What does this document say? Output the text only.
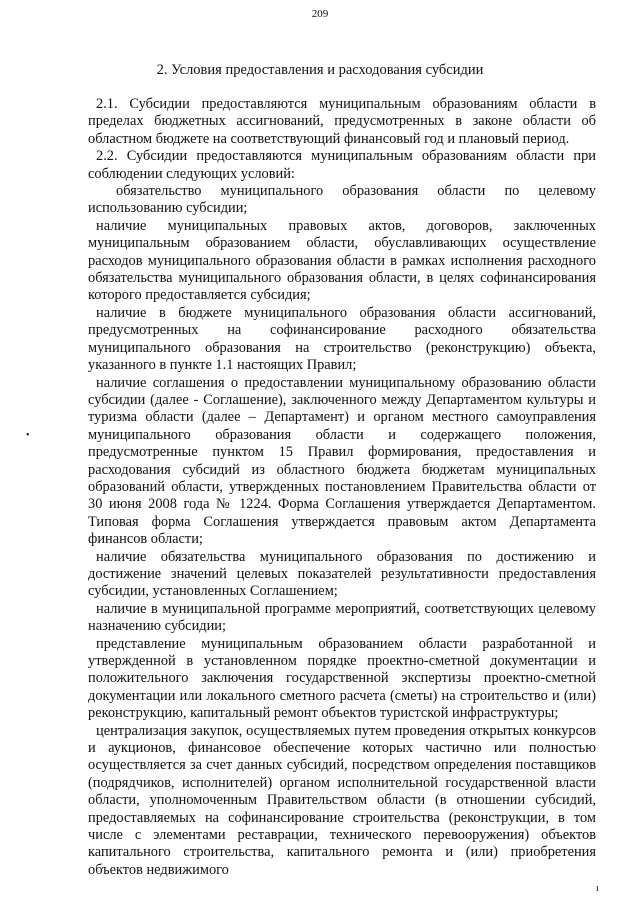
209
2. Условия предоставления и расходования субсидии

2.1. Субсидии предоставляются муниципальным образованиям области в пределах бюджетных ассигнований, предусмотренных в законе области об областном бюджете на соответствующий финансовый год и плановый период.

2.2. Субсидии предоставляются муниципальным образованиям области при соблюдении следующих условий:

обязательство муниципального образования области по целевому использованию субсидии;

наличие муниципальных правовых актов, договоров, заключенных муниципальным образованием области, обуславливающих осуществление расходов муниципального образования области в рамках исполнения расходного обязательства муниципального образования области, в целях софинансирования которого предоставляется субсидия;

наличие в бюджете муниципального образования области ассигнований, предусмотренных на софинансирование расходного обязательства муниципального образования на строительство (реконструкцию) объекта, указанного в пункте 1.1 настоящих Правил;

наличие соглашения о предоставлении муниципальному образованию области субсидии (далее - Соглашение), заключенного между Департаментом культуры и туризма области (далее – Департамент) и органом местного самоуправления муниципального образования области и содержащего положения, предусмотренные пунктом 15 Правил формирования, предоставления и расходования субсидий из областного бюджета бюджетам муниципальных образований области, утвержденных постановлением Правительства области от 30 июня 2008 года № 1224. Форма Соглашения утверждается Департаментом. Типовая форма Соглашения утверждается правовым актом Департамента финансов области;

наличие обязательства муниципального образования по достижению и достижение значений целевых показателей результативности предоставления субсидии, установленных Соглашением;

наличие в муниципальной программе мероприятий, соответствующих целевому назначению субсидии;

представление муниципальным образованием области разработанной и утвержденной в установленном порядке проектно-сметной документации и положительного заключения государственной экспертизы проектно-сметной документации или локального сметного расчета (сметы) на строительство и (или) реконструкцию, капитальный ремонт объектов туристской инфраструктуры;

централизация закупок, осуществляемых путем проведения открытых конкурсов и аукционов, финансовое обеспечение которых частично или полностью осуществляется за счет данных субсидий, посредством определения поставщиков (подрядчиков, исполнителей) органом исполнительной государственной власти области, уполномоченным Правительством области (в отношении субсидий, предоставляемых на софинансирование строительства (реконструкции, в том числе с элементами реставрации, технического перевооружения) объектов капитального строительства, капитального ремонта и (или) приобретения объектов недвижимого

•
ı
